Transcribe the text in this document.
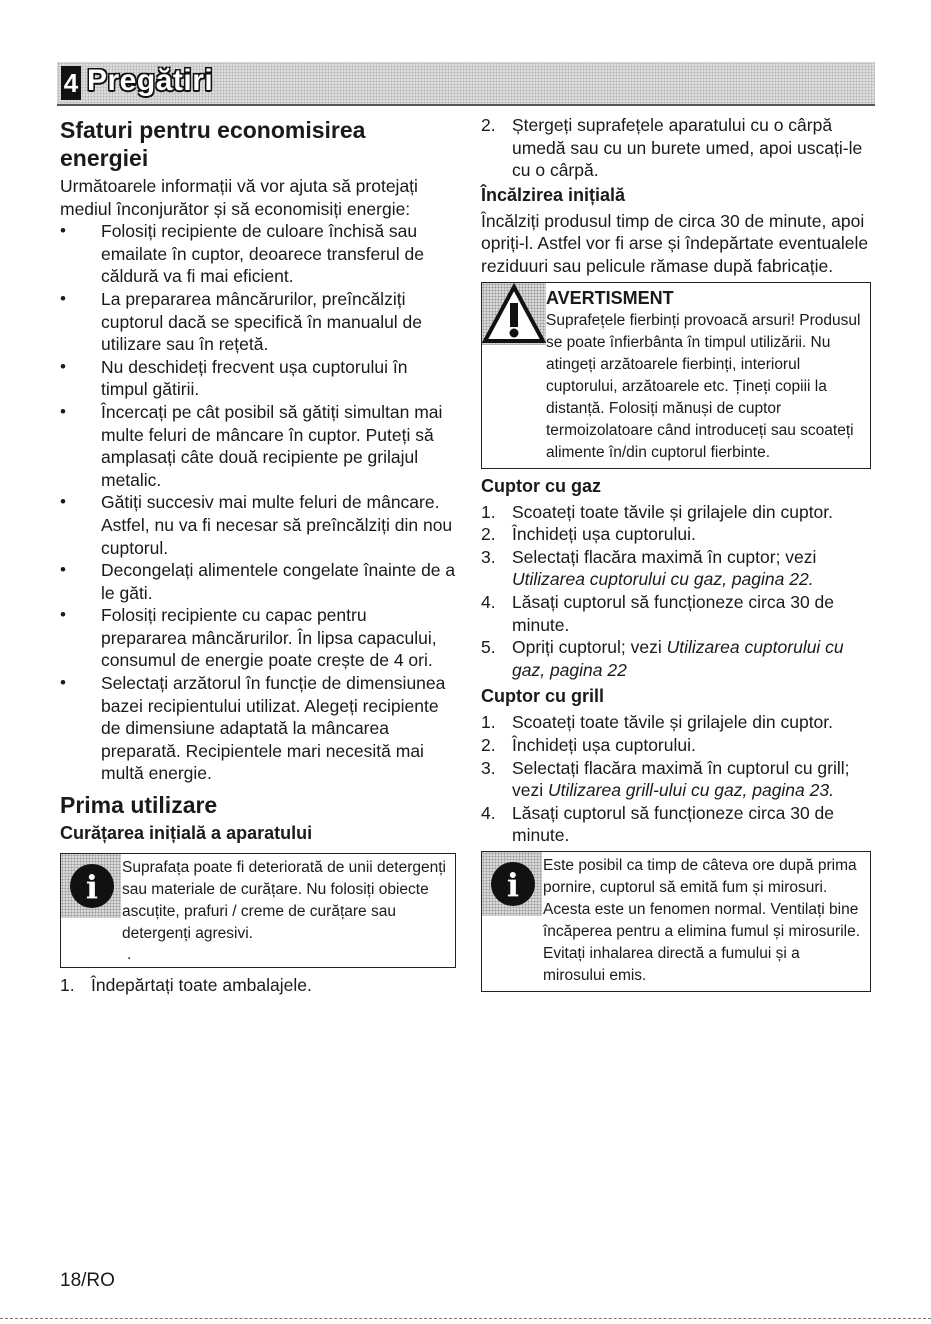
4 Pregătiri
Sfaturi pentru economisirea energiei

Următoarele informații vă vor ajuta să protejați mediul înconjurător și să economisiți energie:

• Folosiți recipiente de culoare închisă sau emailate în cuptor, deoarece transferul de căldură va fi mai eficient.
• La prepararea mâncărurilor, preîncălziți cuptorul dacă se specifică în manualul de utilizare sau în rețetă.
• Nu deschideți frecvent ușa cuptorului în timpul gătirii.
• Încercați pe cât posibil să gătiți simultan mai multe feluri de mâncare în cuptor. Puteți să amplasați câte două recipiente pe grilajul metalic.
• Gătiți succesiv mai multe feluri de mâncare. Astfel, nu va fi necesar să preîncălziți din nou cuptorul.
• Decongelați alimentele congelate înainte de a le găti.
• Folosiți recipiente cu capac pentru prepararea mâncărurilor. În lipsa capacului, consumul de energie poate crește de 4 ori.
• Selectați arzătorul în funcție de dimensiunea bazei recipientului utilizat. Alegeți recipiente de dimensiune adaptată la mâncarea preparată. Recipientele mari necesită mai multă energie.
Prima utilizare
Curățarea inițială a aparatului
i
Suprafața poate fi deteriorată de unii detergenți sau materiale de curățare. Nu folosiți obiecte ascuțite, prafuri / creme de curățare sau detergenți agresivi.
.
1. Îndepărtați toate ambalajele.
2. Ștergeți suprafețele aparatului cu o cârpă umedă sau cu un burete umed, apoi uscați-le cu o cârpă.
Încălzirea inițială

Încălziți produsul timp de circa 30 de minute, apoi opriți-l. Astfel vor fi arse și îndepărtate eventualele reziduuri sau pelicule rămase după fabricație.

AVERTISMENT
Suprafețele fierbinți provoacă arsuri! Produsul se poate înfierbânta în timpul utilizării. Nu atingeți arzătoarele fierbinți, interiorul cuptorului, arzătoarele etc. Țineți copiii la distanță. Folosiți mănuși de cuptor termoizolatoare când introduceți sau scoateți alimente în/din cuptorul fierbinte.
Cuptor cu gaz
1. Scoateți toate tăvile și grilajele din cuptor.
2. Închideți ușa cuptorului.
3. Selectați flacăra maximă în cuptor; vezi Utilizarea cuptorului cu gaz, pagina 22.
4. Lăsați cuptorul să funcționeze circa 30 de minute.
5. Opriți cuptorul; vezi Utilizarea cuptorului cu gaz, pagina 22
Cuptor cu grill
1. Scoateți toate tăvile și grilajele din cuptor.
2. Închideți ușa cuptorului.
3. Selectați flacăra maximă în cuptorul cu grill; vezi Utilizarea grill-ului cu gaz, pagina 23.
4. Lăsați cuptorul să funcționeze circa 30 de minute.
i
Este posibil ca timp de câteva ore după prima pornire, cuptorul să emită fum și mirosuri. Acesta este un fenomen normal. Ventilați bine încăperea pentru a elimina fumul și mirosurile. Evitați inhalarea directă a fumului și a mirosului emis.
18/RO
